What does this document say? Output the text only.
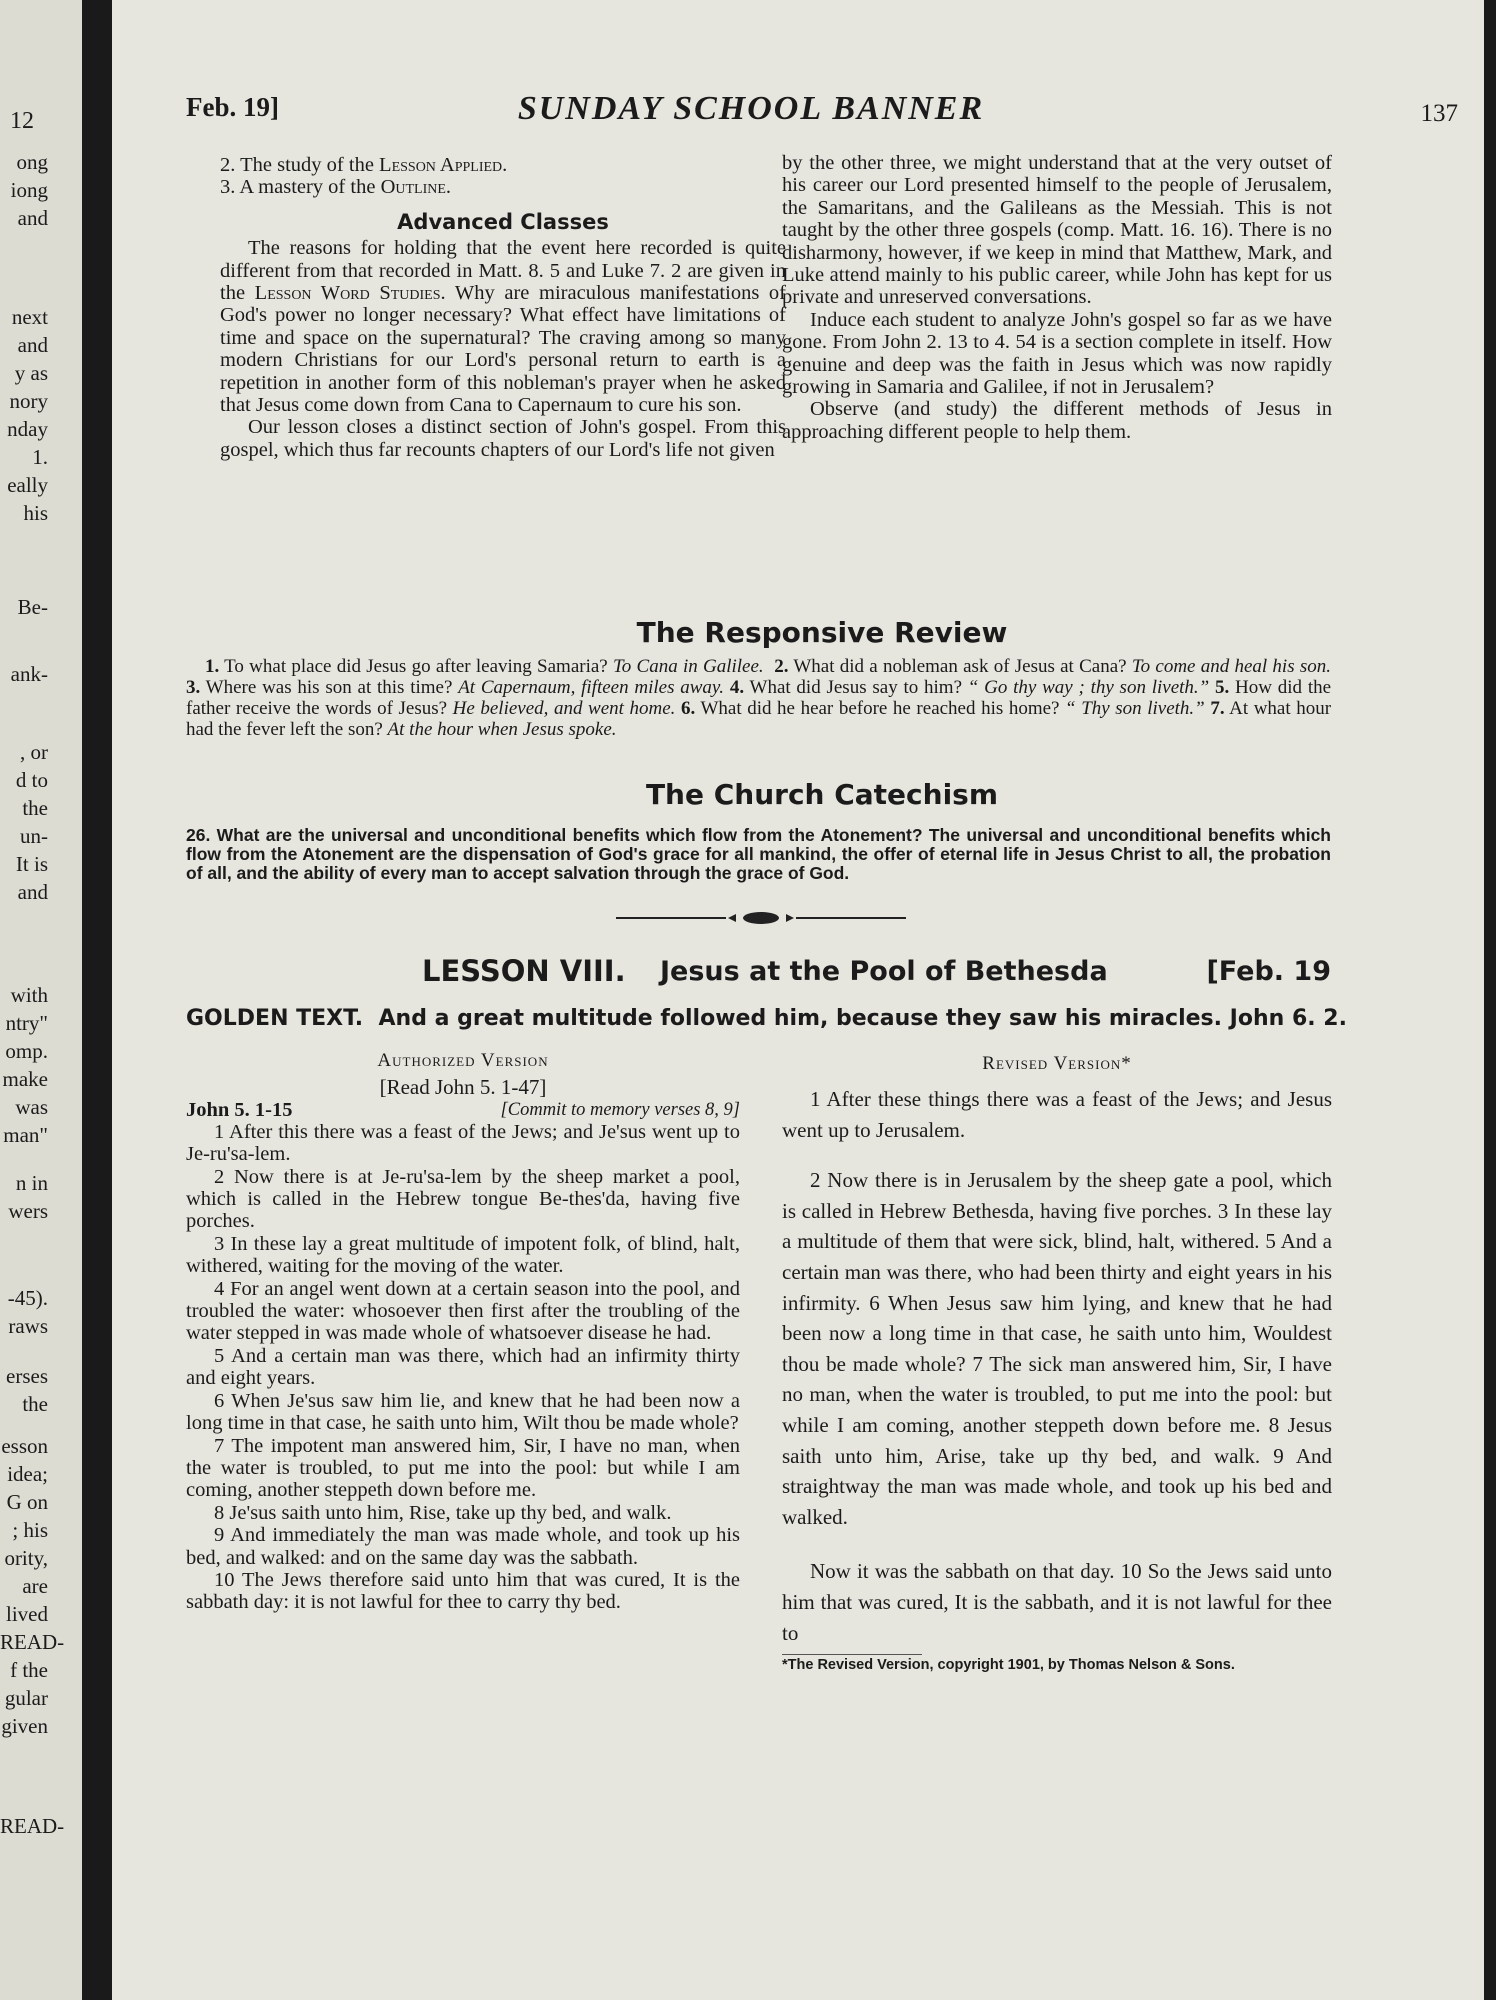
12
ong
iong
and
next
and
y as
nory
nday
1.
eally
his
Be-
ank-
, or
d to
the
un-
It is
and
with
ntry"
omp.
make
was
man"
n in
wers
-45).
raws
erses
the
esson
idea;
G on
; his
ority,
are
lived
READ-
f the
gular
given
READ-
Feb. 19]	SUNDAY SCHOOL BANNER	137

2. The study of the Lesson Applied.

3. A mastery of the Outline.

Advanced Classes

The reasons for holding that the event here recorded is quite different from that recorded in Matt. 8. 5 and Luke 7. 2 are given in the Lesson Word Studies. Why are miraculous manifestations of God's power no longer necessary? What effect have limitations of time and space on the supernatural? The craving among so many modern Christians for our Lord's personal return to earth is a repetition in another form of this nobleman's prayer when he asked that Jesus come down from Cana to Capernaum to cure his son.

Our lesson closes a distinct section of John's gospel. From this gospel, which thus far recounts chapters of our Lord's life not given

by the other three, we might understand that at the very outset of his career our Lord presented himself to the people of Jerusalem, the Samaritans, and the Galileans as the Messiah. This is not taught by the other three gospels (comp. Matt. 16. 16). There is no disharmony, however, if we keep in mind that Matthew, Mark, and Luke attend mainly to his public career, while John has kept for us private and unreserved conversations.

Induce each student to analyze John's gospel so far as we have gone. From John 2. 13 to 4. 54 is a section complete in itself. How genuine and deep was the faith in Jesus which was now rapidly growing in Samaria and Galilee, if not in Jerusalem?

Observe (and study) the different methods of Jesus in approaching different people to help them.

The Responsive Review
 1. To what place did Jesus go after leaving Samaria? To Cana in Galilee. 2. What did a nobleman ask of Jesus at Cana? To come and heal his son. 3. Where was his son at this time? At Capernaum, fifteen miles away. 4. What did Jesus say to him? “ Go thy way ; thy son liveth.” 5. How did the father receive the words of Jesus? He believed, and went home. 6. What did he hear before he reached his home? “ Thy son liveth.” 7. At what hour had the fever left the son? At the hour when Jesus spoke.
The Church Catechism
26. What are the universal and unconditional benefits which flow from the Atonement? The universal and unconditional benefits which flow from the Atonement are the dispensation of God's grace for all mankind, the offer of eternal life in Jesus Christ to all, the probation of all, and the ability of every man to accept salvation through the grace of God.
LESSON VIII. Jesus at the Pool of Bethesda	[Feb. 19
GOLDEN TEXT. And a great multitude followed him, because they saw his miracles. John 6. 2.
Authorized Version
[Read John 5. 1-47]
John 5. 1-15	[Commit to memory verses 8, 9]

1 After this there was a feast of the Jews; and Je'sus went up to Je-ru'sa-lem.

2 Now there is at Je-ru'sa-lem by the sheep market a pool, which is called in the Hebrew tongue Be-thes'da, having five porches.

3 In these lay a great multitude of impotent folk, of blind, halt, withered, waiting for the moving of the water.

4 For an angel went down at a certain season into the pool, and troubled the water: whosoever then first after the troubling of the water stepped in was made whole of whatsoever disease he had.

5 And a certain man was there, which had an infirmity thirty and eight years.

6 When Je'sus saw him lie, and knew that he had been now a long time in that case, he saith unto him, Wilt thou be made whole?

7 The impotent man answered him, Sir, I have no man, when the water is troubled, to put me into the pool: but while I am coming, another steppeth down before me.

8 Je'sus saith unto him, Rise, take up thy bed, and walk.

9 And immediately the man was made whole, and took up his bed, and walked: and on the same day was the sabbath.

10 The Jews therefore said unto him that was cured, It is the sabbath day: it is not lawful for thee to carry thy bed.

Revised Version*

1 After these things there was a feast of the Jews; and Jesus went up to Jerusalem.

2 Now there is in Jerusalem by the sheep gate a pool, which is called in Hebrew Bethesda, having five porches. 3 In these lay a multitude of them that were sick, blind, halt, withered. 5 And a certain man was there, who had been thirty and eight years in his infirmity. 6 When Jesus saw him lying, and knew that he had been now a long time in that case, he saith unto him, Wouldest thou be made whole? 7 The sick man answered him, Sir, I have no man, when the water is troubled, to put me into the pool: but while I am coming, another steppeth down before me. 8 Jesus saith unto him, Arise, take up thy bed, and walk. 9 And straightway the man was made whole, and took up his bed and walked.

Now it was the sabbath on that day. 10 So the Jews said unto him that was cured, It is the sabbath, and it is not lawful for thee to

*The Revised Version, copyright 1901, by Thomas Nelson & Sons.
